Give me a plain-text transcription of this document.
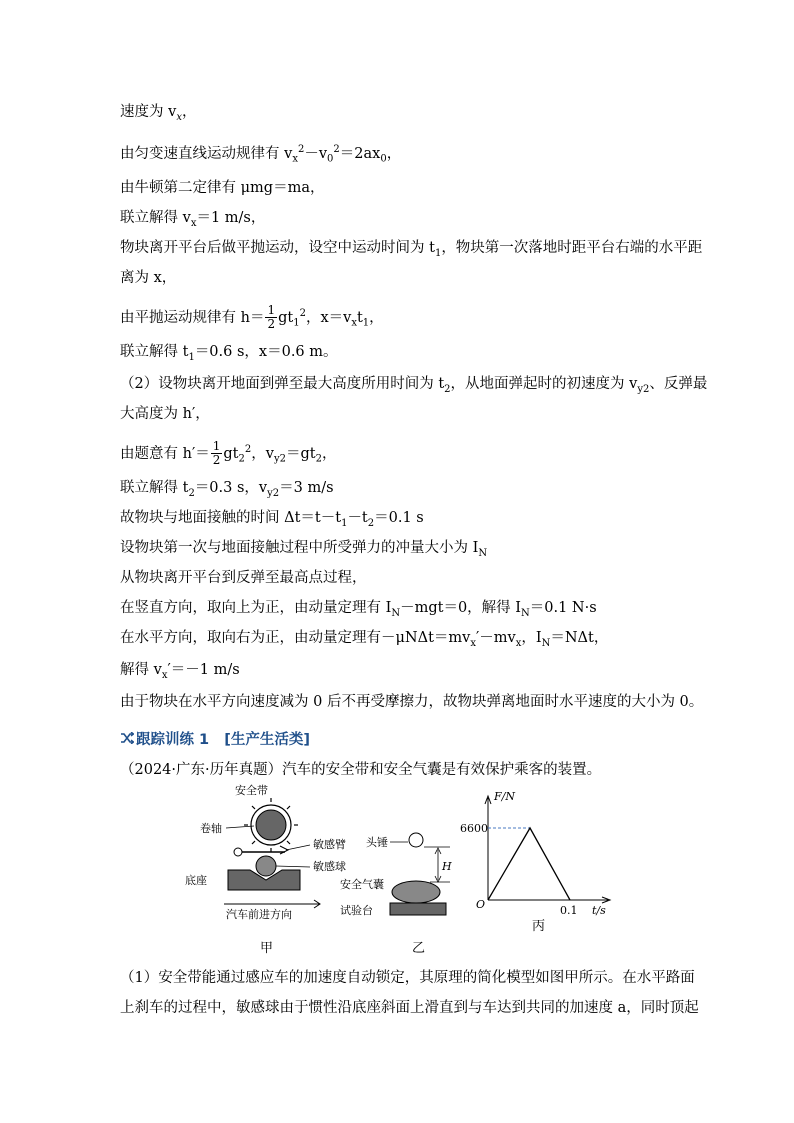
速度为 $v_x$，
由匀变速直线运动规律有 $v_x^2-v_0^2=2ax_0$，
由牛顿第二定律有 μmg＝ma，
联立解得 $v_x=1$ m/s，
物块离开平台后做平抛运动，设空中运动时间为 $t_1$，物块第一次落地时距平台右端的水平距
离为 x，
由平抛运动规律有 $h= \frac{1}{2} gt_1^2$，$x=v_xt_1$，
联立解得 $t_1=0.6$ s，x＝0.6 m。
（2）设物块离开地面到弹至最大高度所用时间为 $t_2$，从地面弹起时的初速度为 $v_{y2}$、反弹最
大高度为 h′，
由题意有 $h'= \frac{1}{2} gt_2^2$，$v_{y2}=gt_2$，
联立解得 $t_2=0.3$ s，$v_{y2}=3$ m/s
故物块与地面接触的时间 $\Delta t=t-t_1-t_2=0.1$ s
设物块第一次与地面接触过程中所受弹力的冲量大小为 $I_N$
从物块离开平台到反弹至最高点过程，
在竖直方向，取向上为正，由动量定理有 $I_N-mgt=0$，解得 $I_N=0.1$ N·s
在水平方向，取向右为正，由动量定理有$-\mu N\Delta t=mv_x'-mv_x$，$I_N=N\Delta t$，
解得 $v_x'=-1$ m/s
由于物块在水平方向速度减为 0 后不再受摩擦力，故物块弹离地面时水平速度的大小为 0。
跟踪训练 1 [生产生活类]
（2024·广东·历年真题）汽车的安全带和安全气囊是有效保护乘客的装置。
安全带
卷轴
敏感臂
敏感球
底座
汽车前进方向
甲
头锤
H
安全气囊
试验台
乙
F/N
t/s
6600
0.1
O
丙
（1）安全带能通过感应车的加速度自动锁定，其原理的简化模型如图甲所示。在水平路面
上刹车的过程中，敏感球由于惯性沿底座斜面上滑直到与车达到共同的加速度 a，同时顶起
